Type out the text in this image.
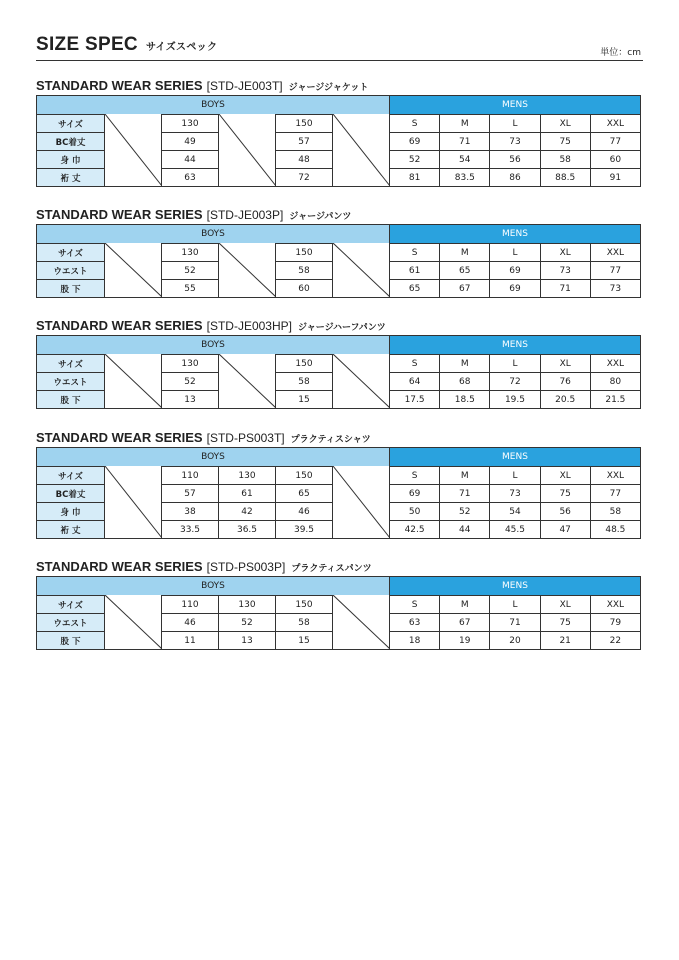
SIZE SPEC サイズスペック	単位：cm
STANDARD WEAR SERIES [STD-JE003T] ジャージジャケット
BOYS	MENS
サイズ	130	150	S	M	L	XL	XXL
BC着丈	49	57	69	71	73	75	77
身 巾	44	48	52	54	56	58	60
裄 丈	63	72	81	83.5	86	88.5	91
STANDARD WEAR SERIES [STD-JE003P] ジャージパンツ
BOYS	MENS
サイズ	130	150	S	M	L	XL	XXL
ウエスト	52	58	61	65	69	73	77
股 下	55	60	65	67	69	71	73
STANDARD WEAR SERIES [STD-JE003HP] ジャージハーフパンツ
BOYS	MENS
サイズ	130	150	S	M	L	XL	XXL
ウエスト	52	58	64	68	72	76	80
股 下	13	15	17.5	18.5	19.5	20.5	21.5
STANDARD WEAR SERIES [STD-PS003T] プラクティスシャツ
BOYS	MENS
サイズ	110	130	150	S	M	L	XL	XXL
BC着丈	57	61	65	69	71	73	75	77
身 巾	38	42	46	50	52	54	56	58
裄 丈	33.5	36.5	39.5	42.5	44	45.5	47	48.5
STANDARD WEAR SERIES [STD-PS003P] プラクティスパンツ
BOYS	MENS
サイズ	110	130	150	S	M	L	XL	XXL
ウエスト	46	52	58	63	67	71	75	79
股 下	11	13	15	18	19	20	21	22
